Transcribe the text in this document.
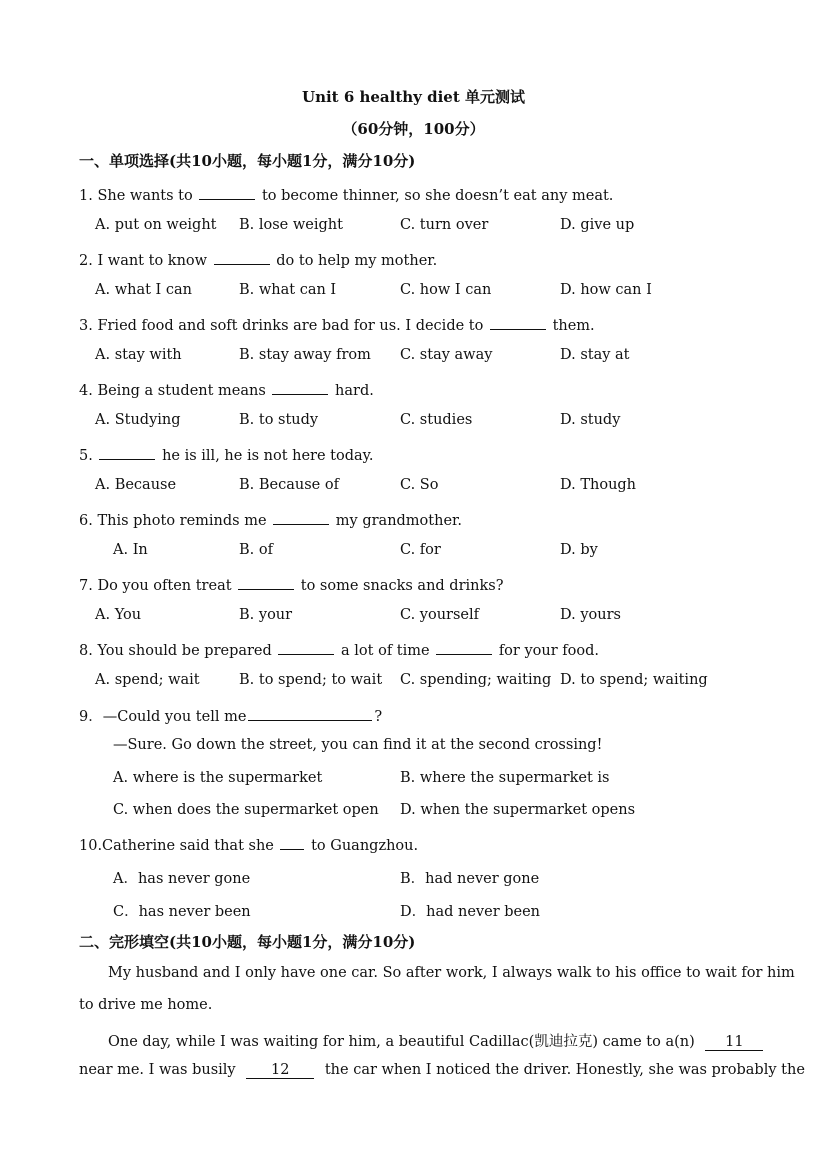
Unit 6 healthy diet 单元测试
（60分钟，100分）
一、单项选择(共10小题，每小题1分，满分10分)
1. She wants to	to become thinner, so she doesn’t eat any meat.
A. put on weight B. lose weight	C. turn over	D. give up
2. I want to know	do to help my mother.
A. what I can	B. what can I	C. how I can	D. how can I
3. Fried food and soft drinks are bad for us. I decide to	them.
A. stay with	B. stay away from C. stay away	D. stay at
4. Being a student means	hard.
A. Studying	B. to study	C. studies	D. study
5.	he is ill, he is not here today.
A. Because	B. Because of	C. So	D. Though
6. This photo reminds me	my grandmother.
A. In	B. of	C. for	D. by
7. Do you often treat	to some snacks and drinks?
A. You	B. your	C. yourself	D. yours
8. You should be prepared	a lot of time	for your food.
A. spend; wait	B. to spend; to wait C. spending; waiting D. to spend; waiting
9．—Could you tell me	?
—Sure. Go down the street, you can find it at the second crossing!
A. where is the supermarket	B. where the supermarket is
C. when does the supermarket open D. when the supermarket opens
10.Catherine said that she	to Guangzhou.
A．has never gone	B．had never gone
C．has never been	D．had never been
二、完形填空(共10小题，每小题1分，满分10分)
My husband and I only have one car. So after work, I always walk to his office to wait for him
to drive me home.
One day, while I was waiting for him, a beautiful Cadillac(凯迪拉克) came to a(n) 11
near me. I was busily 12 the car when I noticed the driver. Honestly, she was probably the
